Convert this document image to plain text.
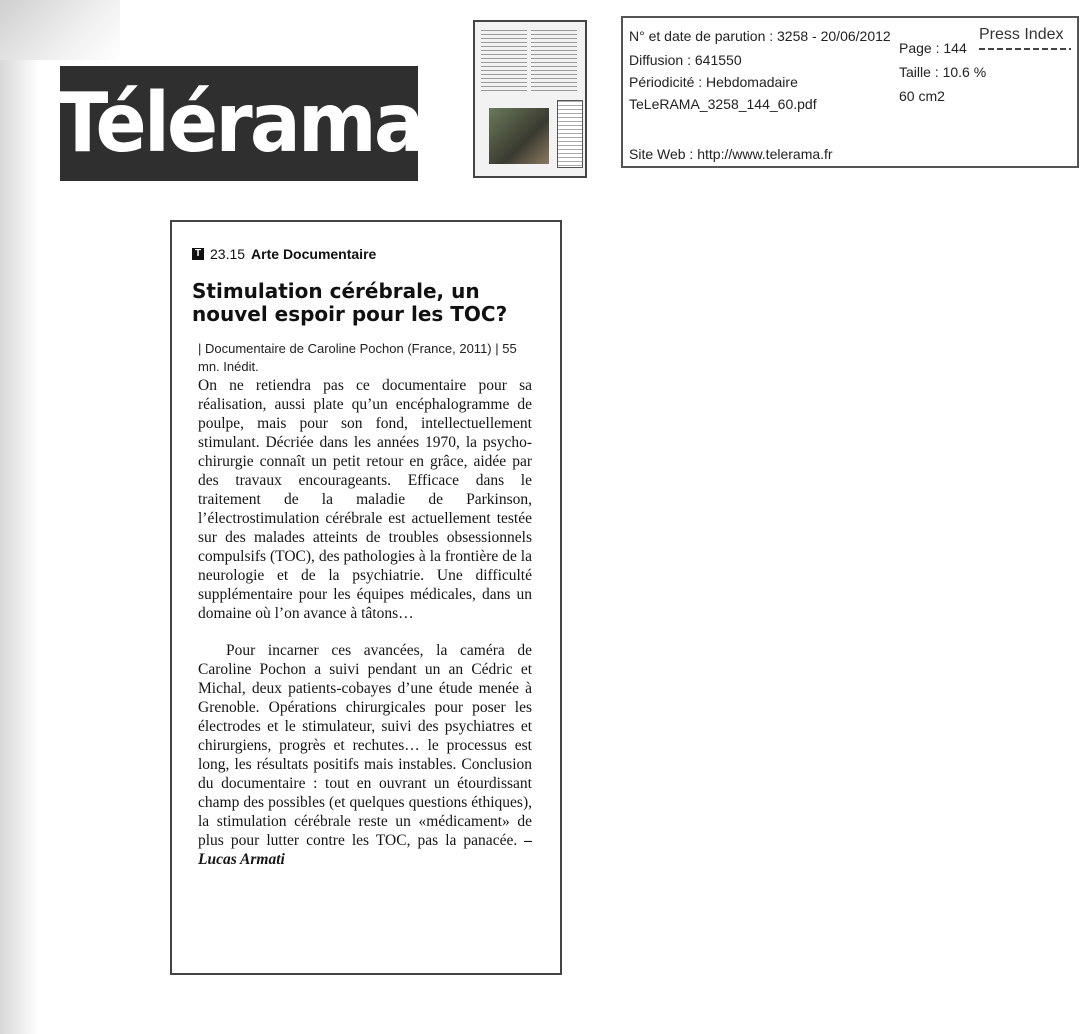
Télérama
N° et date de parution : 3258 - 20/06/2012
Diffusion : 641550
Périodicité : Hebdomadaire
TeLeRAMA_3258_144_60.pdf
Site Web : http://www.telerama.fr
Page : 144
Taille : 10.6 %
60 cm2
Press Index
T 23.15 Arte Documentaire
Stimulation cérébrale, un nouvel espoir pour les TOC?
| Documentaire de Caroline Pochon (France, 2011) | 55 mn. Inédit.

On ne retiendra pas ce documentaire pour sa réalisation, aussi plate qu’un encéphalogramme de poulpe, mais pour son fond, intellectuellement stimulant. Décriée dans les années 1970, la psycho-chirurgie connaît un petit retour en grâce, aidée par des travaux encourageants. Efficace dans le traitement de la maladie de Parkinson, l’électrostimulation cérébrale est actuellement testée sur des malades atteints de troubles obsessionnels compulsifs (TOC), des pathologies à la frontière de la neurologie et de la psychiatrie. Une difficulté supplémentaire pour les équipes médicales, dans un domaine où l’on avance à tâtons…

Pour incarner ces avancées, la caméra de Caroline Pochon a suivi pendant un an Cédric et Michal, deux patients-cobayes d’une étude menée à Grenoble. Opérations chirurgicales pour poser les électrodes et le stimulateur, suivi des psychiatres et chirurgiens, progrès et rechutes… le processus est long, les résultats positifs mais instables. Conclusion du documentaire : tout en ouvrant un étourdissant champ des possibles (et quelques questions éthiques), la stimulation cérébrale reste un «médicament» de plus pour lutter contre les TOC, pas la panacée. – Lucas Armati
